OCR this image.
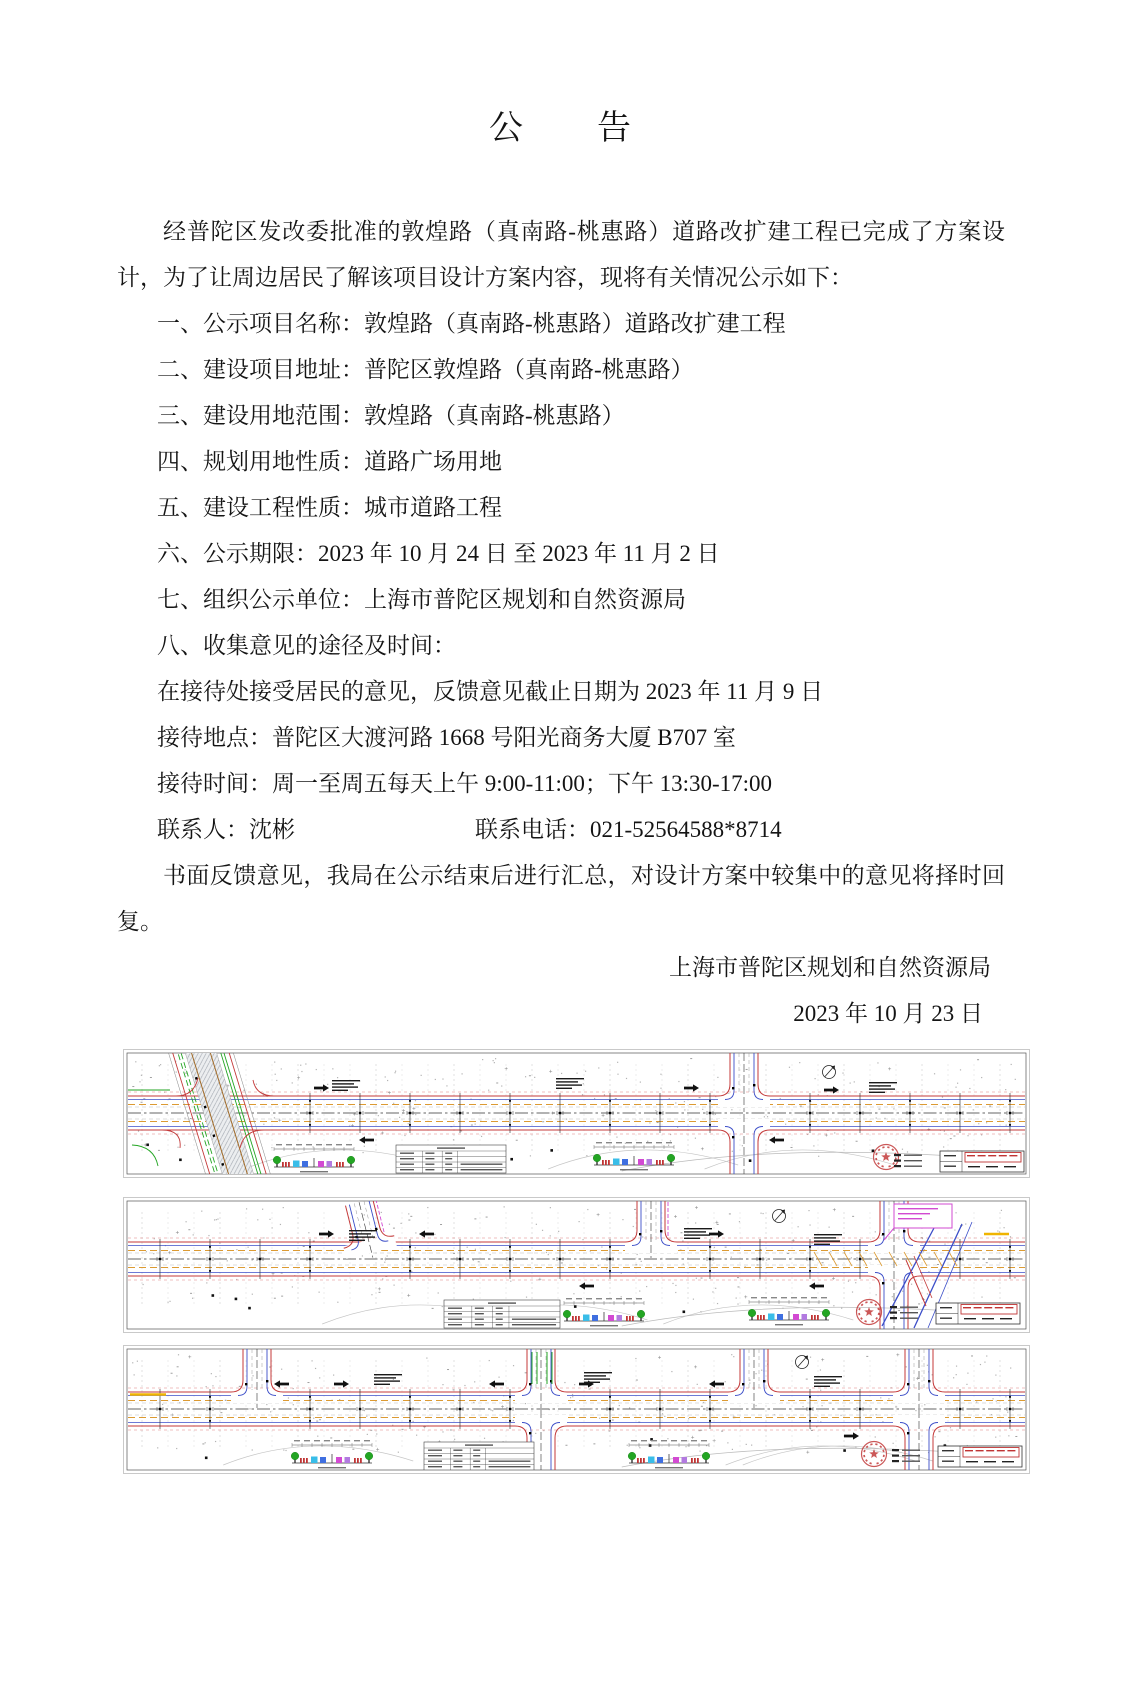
公　　告

经普陀区发改委批准的敦煌路（真南路-桃惠路）道路改扩建工程已完成了方案设计，为了让周边居民了解该项目设计方案内容，现将有关情况公示如下：

一、公示项目名称：敦煌路（真南路-桃惠路）道路改扩建工程
二、建设项目地址：普陀区敦煌路（真南路-桃惠路）
三、建设用地范围：敦煌路（真南路-桃惠路）
四、规划用地性质：道路广场用地
五、建设工程性质：城市道路工程
六、公示期限：2023 年 10 月 24 日 至 2023 年 11 月 2 日
七、组织公示单位：上海市普陀区规划和自然资源局
八、收集意见的途径及时间：
在接待处接受居民的意见，反馈意见截止日期为 2023 年 11 月 9 日
接待地点：普陀区大渡河路 1668 号阳光商务大厦 B707 室
接待时间：周一至周五每天上午 9:00-11:00；下午 13:30-17:00
联系人：沈彬	联系电话：021-52564588*8714

书面反馈意见，我局在公示结束后进行汇总，对设计方案中较集中的意见将择时回复。

上海市普陀区规划和自然资源局
2023 年 10 月 23 日
